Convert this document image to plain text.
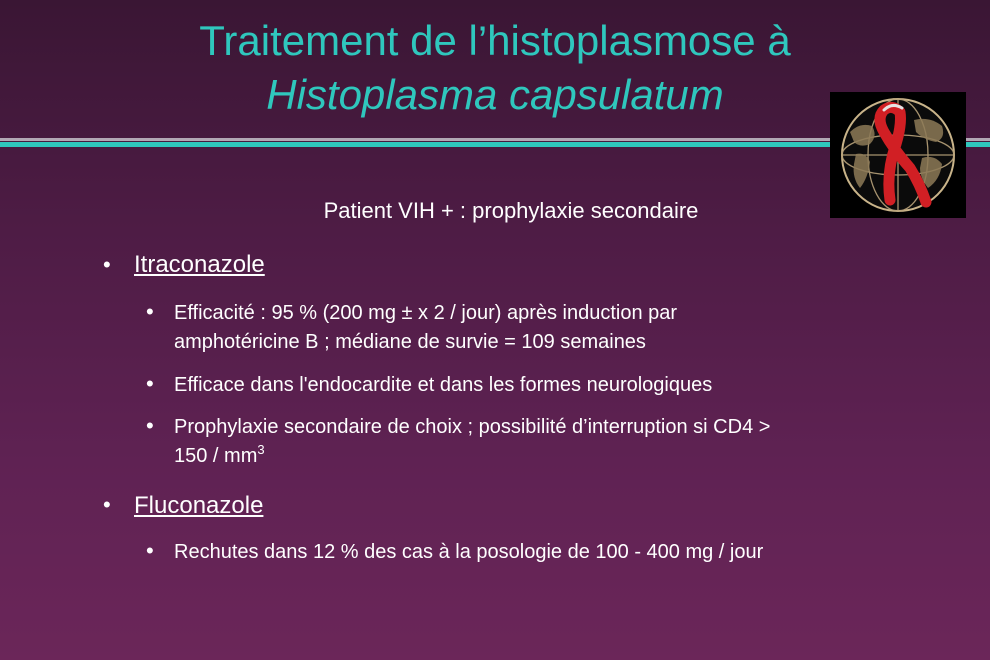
Traitement de l’histoplasmose à
Histoplasma capsulatum
Patient VIH + : prophylaxie secondaire
• Itraconazole
• Efficacité : 95 % (200 mg ± x 2 / jour) après induction par
amphotéricine B ; médiane de survie = 109 semaines
• Efficace dans l'endocardite et dans les formes neurologiques
• Prophylaxie secondaire de choix ; possibilité d’interruption si CD4 >
$150 / mm^3$
• Fluconazole
• Rechutes dans 12 % des cas à la posologie de 100 - 400 mg / jour
